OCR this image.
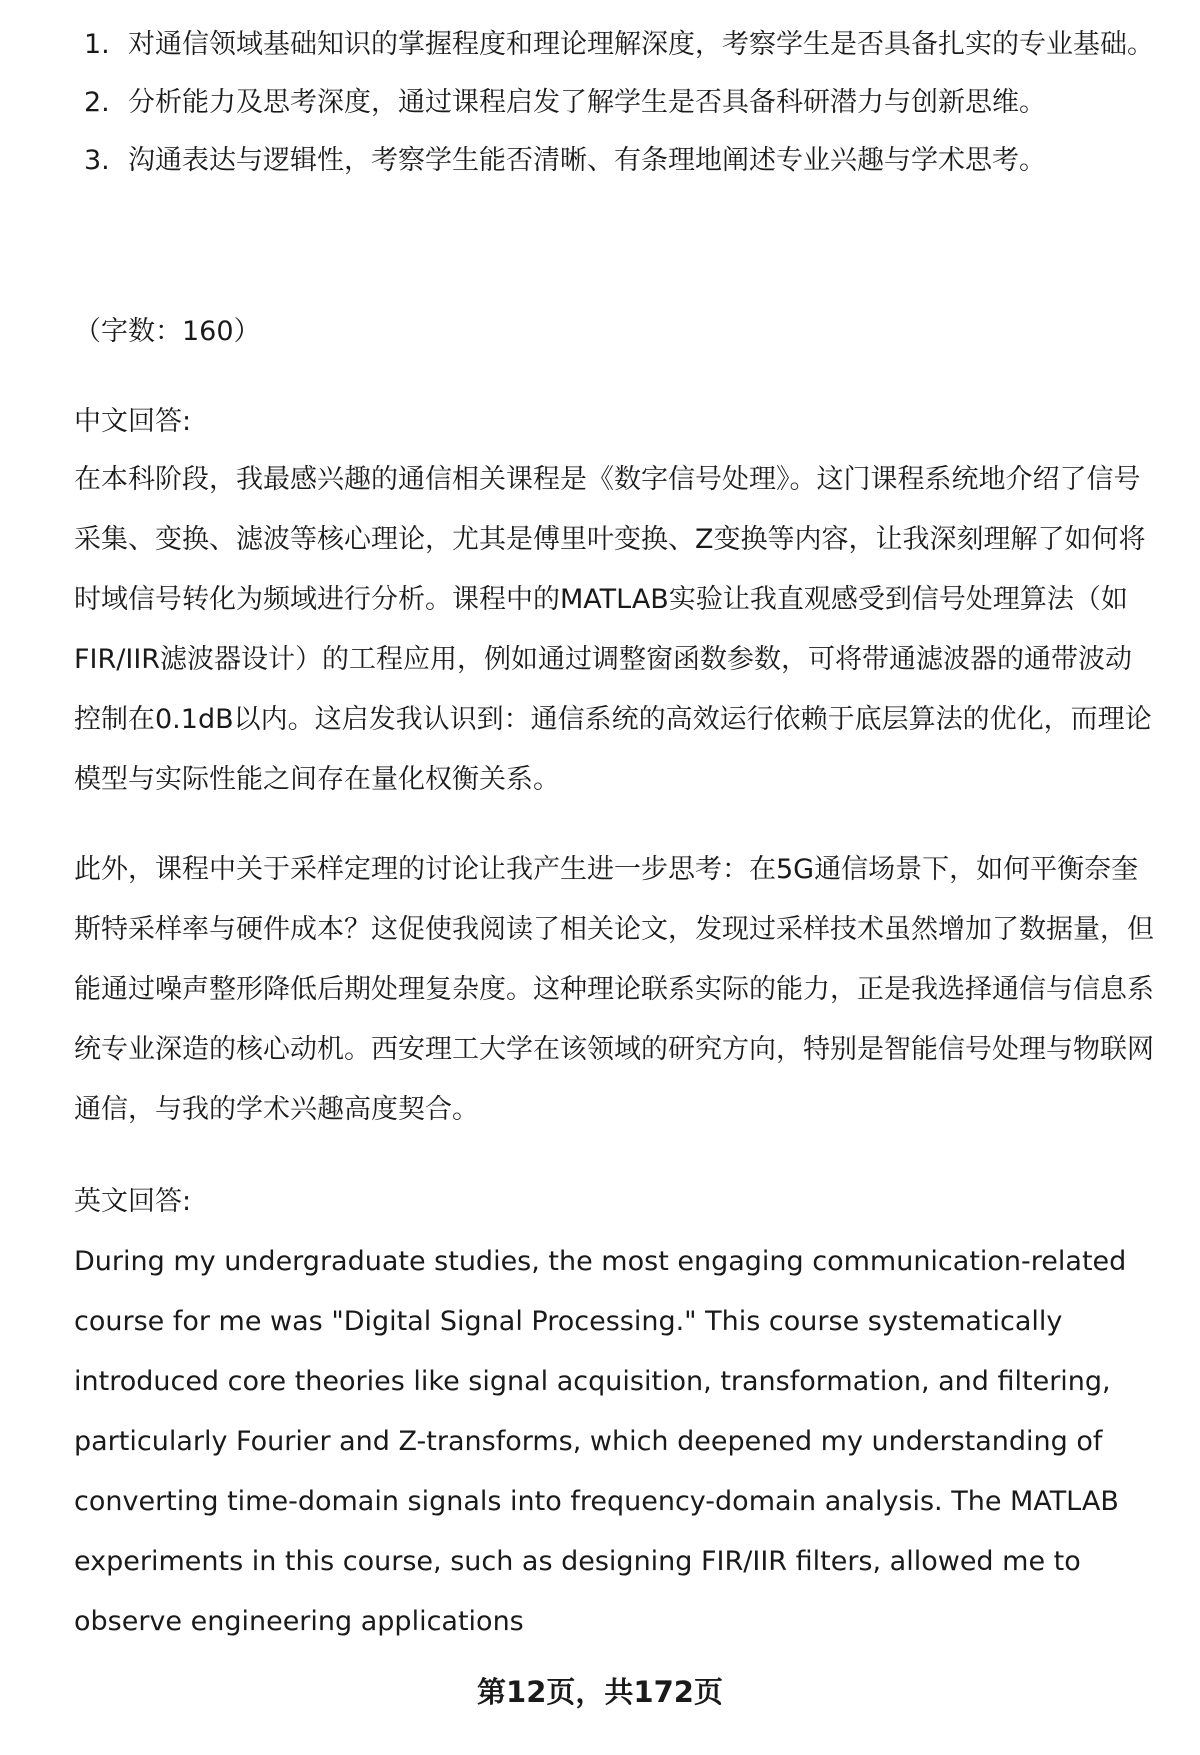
1. 对通信领域基础知识的掌握程度和理论理解深度，考察学生是否具备扎实的专业基础。
2. 分析能力及思考深度，通过课程启发了解学生是否具备科研潜力与创新思维。
3. 沟通表达与逻辑性，考察学生能否清晰、有条理地阐述专业兴趣与学术思考。

（字数：160）

中文回答:

在本科阶段，我最感兴趣的通信相关课程是《数字信号处理》。这门课程系统地介绍了信号采集、变换、滤波等核心理论，尤其是傅里叶变换、Z变换等内容，让我深刻理解了如何将时域信号转化为频域进行分析。课程中的MATLAB实验让我直观感受到信号处理算法（如FIR/IIR滤波器设计）的工程应用，例如通过调整窗函数参数，可将带通滤波器的通带波动控制在0.1dB以内。这启发我认识到：通信系统的高效运行依赖于底层算法的优化，而理论模型与实际性能之间存在量化权衡关系。

此外，课程中关于采样定理的讨论让我产生进一步思考：在5G通信场景下，如何平衡奈奎斯特采样率与硬件成本？这促使我阅读了相关论文，发现过采样技术虽然增加了数据量，但能通过噪声整形降低后期处理复杂度。这种理论联系实际的能力，正是我选择通信与信息系统专业深造的核心动机。西安理工大学在该领域的研究方向，特别是智能信号处理与物联网通信，与我的学术兴趣高度契合。

英文回答:

During my undergraduate studies, the most engaging communication-related course for me was "Digital Signal Processing." This course systematically introduced core theories like signal acquisition, transformation, and filtering, particularly Fourier and Z-transforms, which deepened my understanding of converting time-domain signals into frequency-domain analysis. The MATLAB experiments in this course, such as designing FIR/IIR filters, allowed me to observe engineering applications

第12页，共172页
